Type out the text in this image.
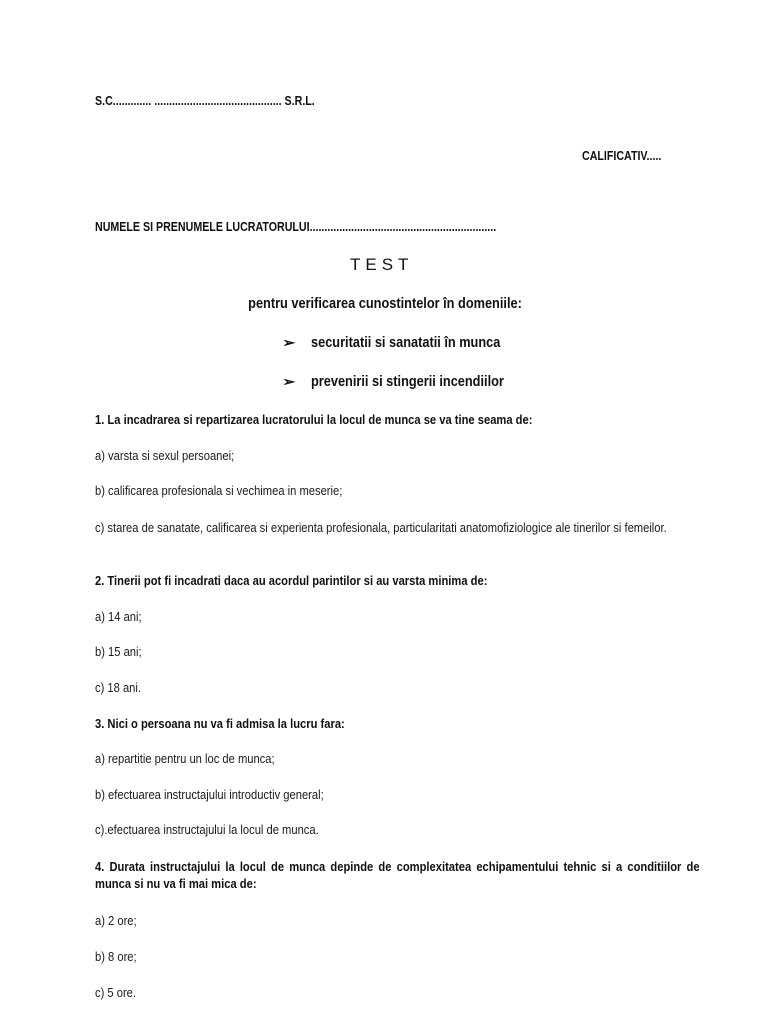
S.C............. ........................................... S.R.L.
CALIFICATIV.....
NUMELE SI PRENUMELE LUCRATORULUI...............................................................
TEST
pentru verificarea cunostintelor în domeniile:
➢ securitatii si sanatatii în munca
➢ prevenirii si stingerii incendiilor
1. La incadrarea si repartizarea lucratorului la locul de munca se va tine seama de:
a) varsta si sexul persoanei;
b) calificarea profesionala si vechimea in meserie;
c) starea de sanatate, calificarea si experienta profesionala, particularitati anatomofiziologice ale tinerilor si femeilor.
2. Tinerii pot fi incadrati daca au acordul parintilor si au varsta minima de:
a) 14 ani;
b) 15 ani;
c) 18 ani.
3. Nici o persoana nu va fi admisa la lucru fara:
a) repartitie pentru un loc de munca;
b) efectuarea instructajului introductiv general;
c).efectuarea instructajului la locul de munca.
4. Durata instructajului la locul de munca depinde de complexitatea echipamentului tehnic si a conditiilor de munca si nu va fi mai mica de:
a) 2 ore;
b) 8 ore;
c) 5 ore.
